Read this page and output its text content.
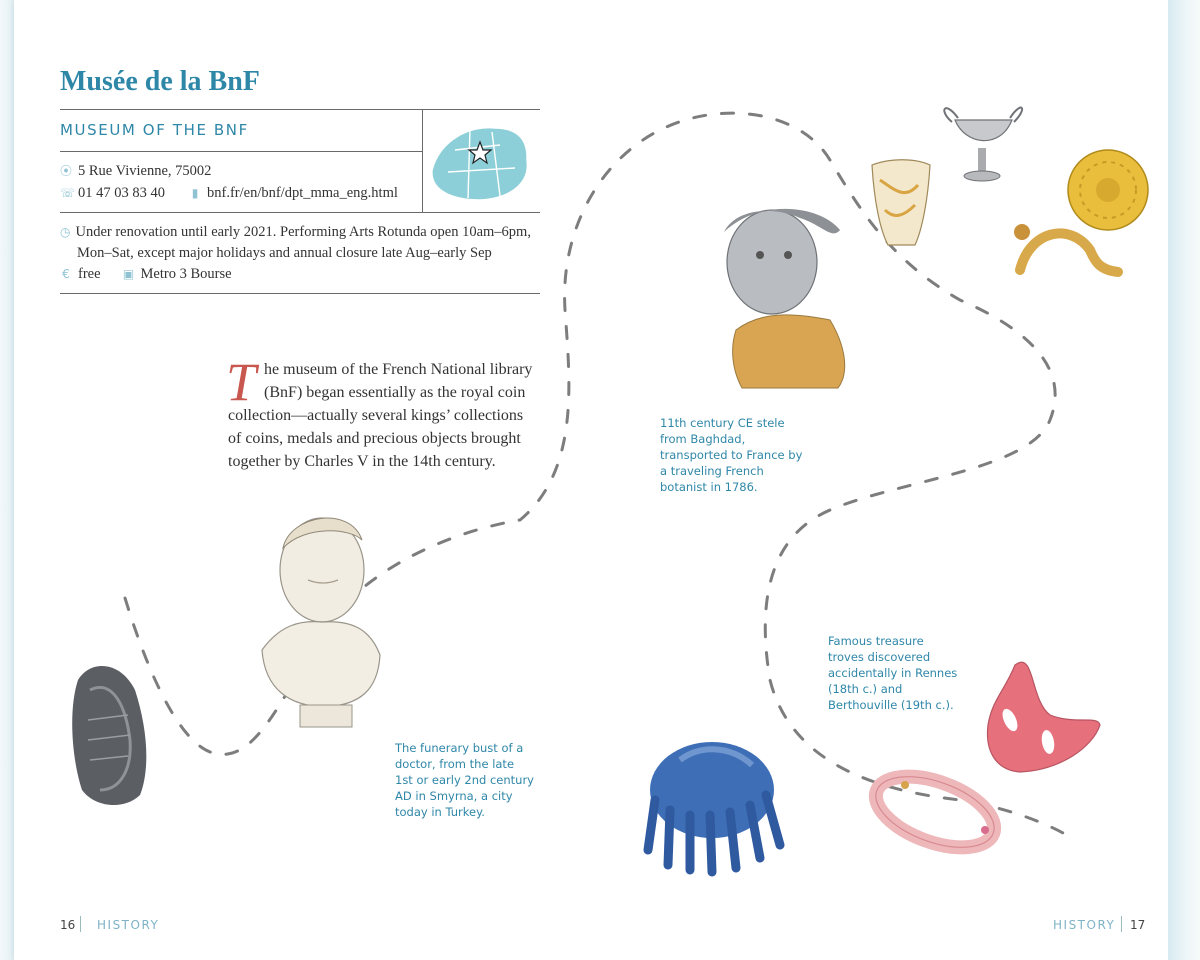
Musée de la BnF
MUSEUM OF THE BNF
⦿ 5 Rue Vivienne, 75002
☏ 01 47 03 83 40 ▮ bnf.fr/en/bnf/dpt_mma_eng.html
◷ Under renovation until early 2021. Performing Arts Rotunda open 10am–6pm,
Mon–Sat, except major holidays and annual closure late Aug–early Sep
€ free ▣ Metro 3 Bourse
The museum of the French National library (BnF) began essentially as the royal coin collection—actually several kings’ collections of coins, medals and precious objects brought together by Charles V in the 14th century.
11th century CE stele from Baghdad, transported to France by a traveling French botanist in 1786.
The funerary bust of a doctor, from the late 1st or early 2nd century AD in Smyrna, a city today in Turkey.
Famous treasure troves discovered accidentally in Rennes (18th c.) and Berthouville (19th c.).
16 HISTORY	HISTORY 17
